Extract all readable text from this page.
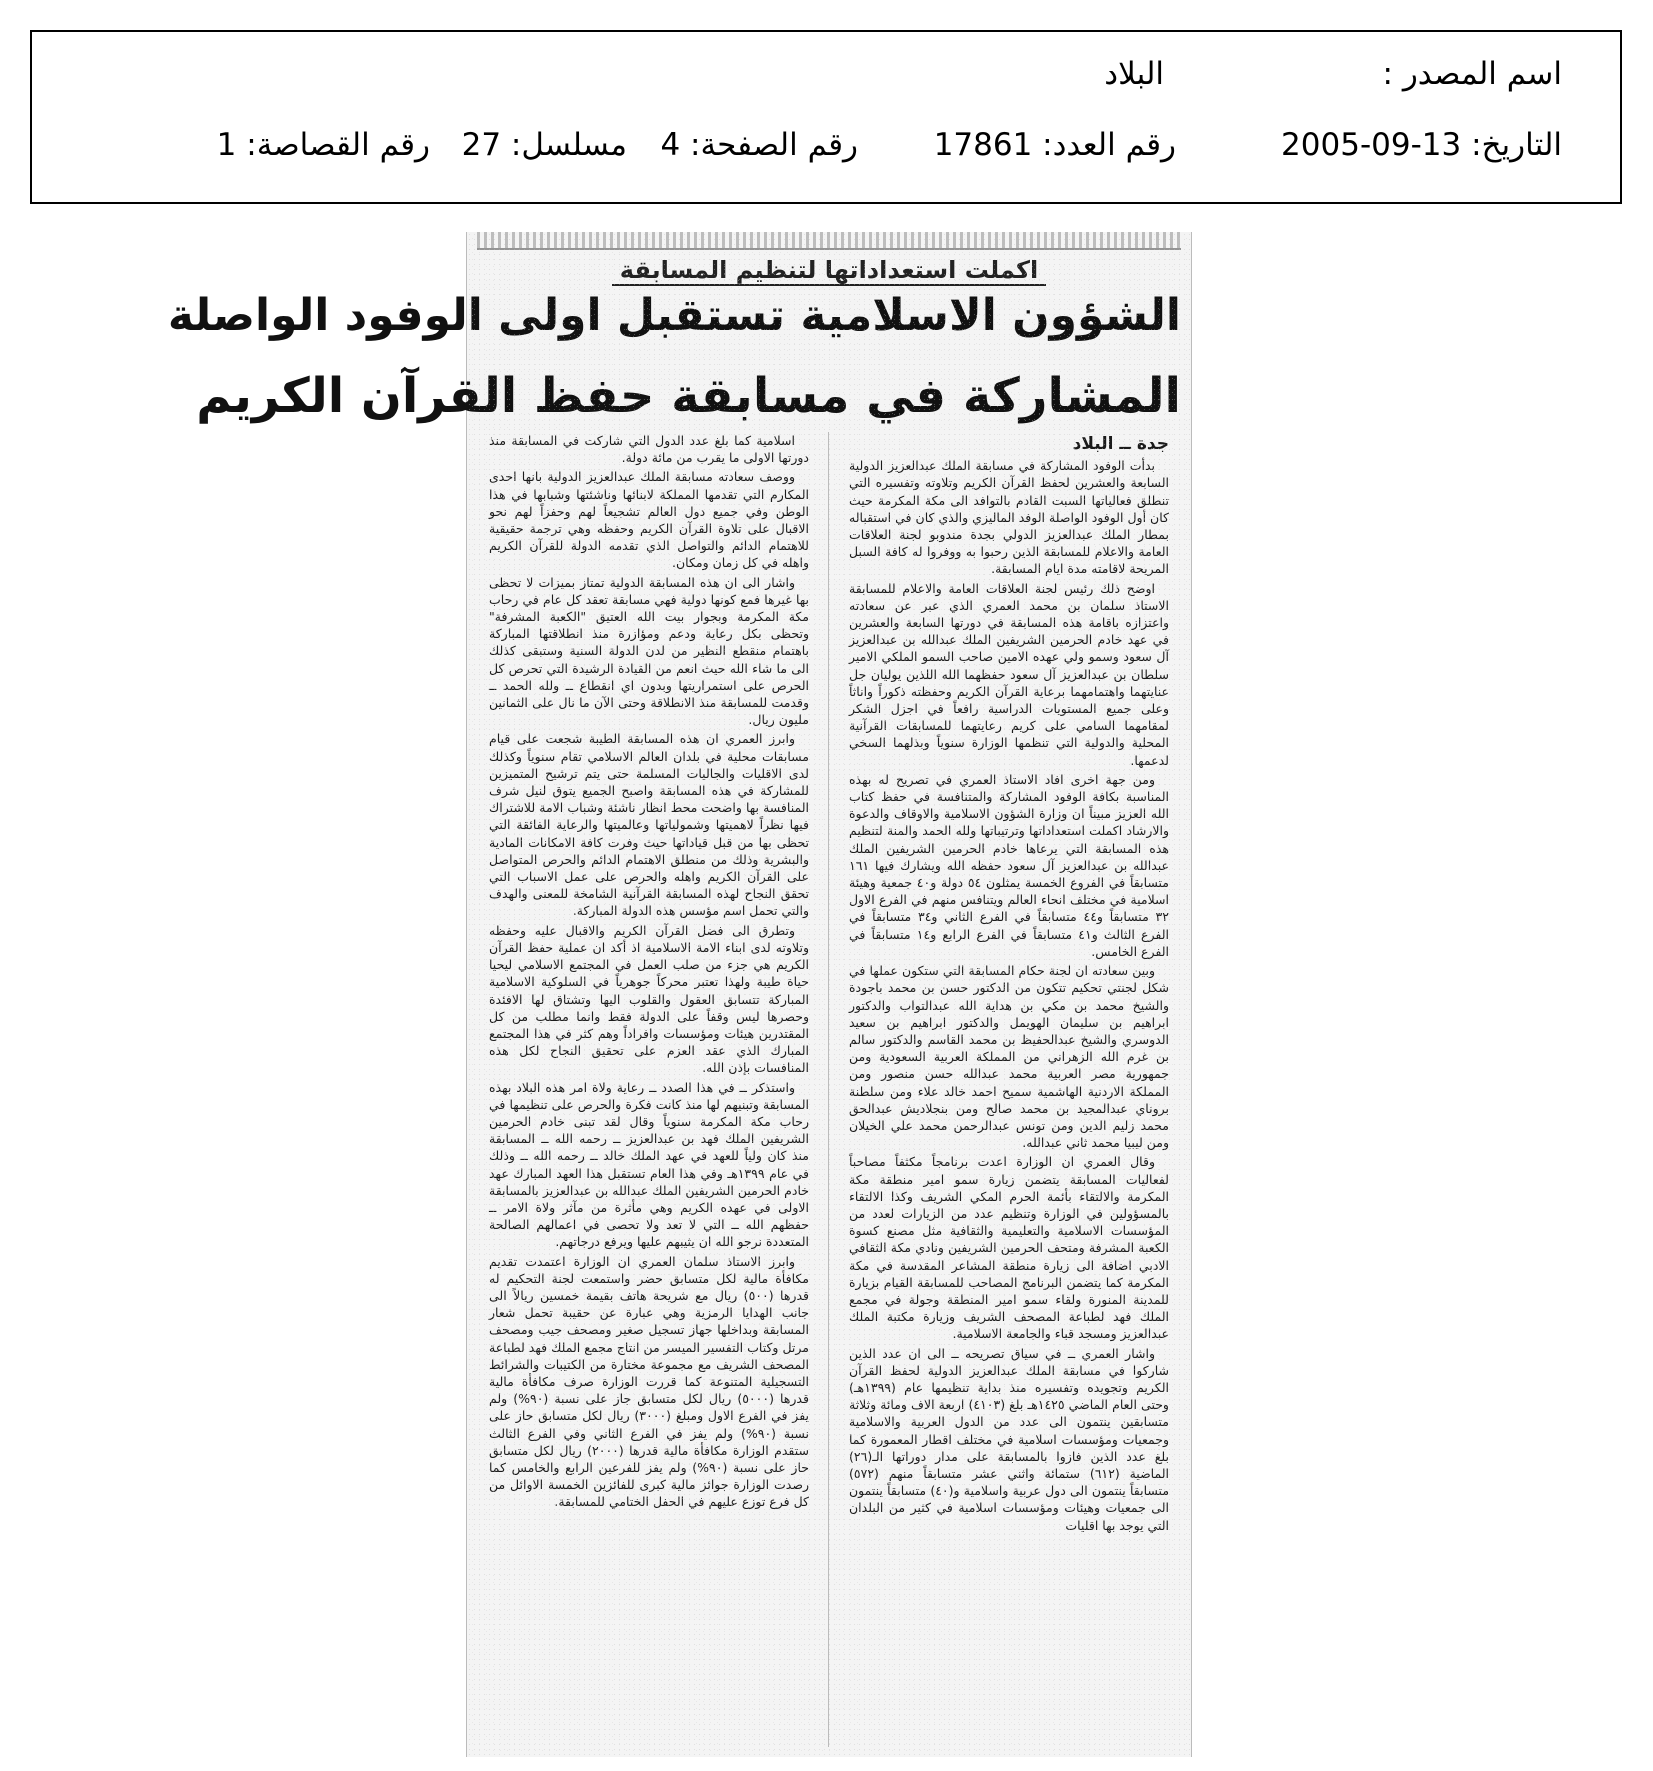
اسم المصدر :
البلاد
التاريخ: 13-09-2005
رقم العدد: 17861
رقم الصفحة: 4
مسلسل: 27
رقم القصاصة: 1
اكملت استعداداتها لتنظيم المسابقة
الشؤون الاسلامية تستقبل اولى الوفود الواصلة
المشاركة في مسابقة حفظ القرآن الكريم
جدة ــ البلاد

بدأت الوفود المشاركة في مسابقة الملك عبدالعزيز الدولية السابعة والعشرين لحفظ القرآن الكريم وتلاوته وتفسيره التي تنطلق فعالياتها السبت القادم بالتوافد الى مكة المكرمة حيث كان أول الوفود الواصلة الوفد الماليزي والذي كان في استقباله بمطار الملك عبدالعزيز الدولي بجدة مندوبو لجنة العلاقات العامة والاعلام للمسابقة الذين رحبوا به ووفروا له كافة السبل المريحة لاقامته مدة ايام المسابقة.

اوضح ذلك رئيس لجنة العلاقات العامة والاعلام للمسابقة الاستاذ سلمان بن محمد العمري الذي عبر عن سعادته واعتزازه باقامة هذه المسابقة في دورتها السابعة والعشرين في عهد خادم الحرمين الشريفين الملك عبدالله بن عبدالعزيز آل سعود وسمو ولي عهده الامين صاحب السمو الملكي الامير سلطان بن عبدالعزيز آل سعود حفظهما الله اللذين يوليان جل عنايتهما واهتمامهما برعاية القرآن الكريم وحفظته ذكوراً واناثاً وعلى جميع المستويات الدراسية رافعاً في اجزل الشكر لمقامهما السامي على كريم رعايتهما للمسابقات القرآنية المحلية والدولية التي تنظمها الوزارة سنوياً وبذلهما السخي لدعمها.

ومن جهة اخرى افاد الاستاذ العمري في تصريح له بهذه المناسبة بكافة الوفود المشاركة والمتنافسة في حفظ كتاب الله العزيز مبيناً ان وزارة الشؤون الاسلامية والاوقاف والدعوة والارشاد اكملت استعداداتها وترتيباتها ولله الحمد والمنة لتنظيم هذه المسابقة التي يرعاها خادم الحرمين الشريفين الملك عبدالله بن عبدالعزيز آل سعود حفظه الله ويشارك فيها ١٦١ متسابقاً في الفروع الخمسة يمثلون ٥٤ دولة و٤٠ جمعية وهيئة اسلامية في مختلف انحاء العالم ويتنافس منهم في الفرع الاول ٣٢ متسابقاً و٤٤ متسابقاً في الفرع الثاني و٣٤ متسابقاً في الفرع الثالث و٤١ متسابقاً في الفرع الرابع و١٤ متسابقاً في الفرع الخامس.

وبين سعادته ان لجنة حكام المسابقة التي ستكون عملها في شكل لجنتي تحكيم تتكون من الدكتور حسن بن محمد باجودة والشيخ محمد بن مكي بن هداية الله عبدالتواب والدكتور ابراهيم بن سليمان الهويمل والدكتور ابراهيم بن سعيد الدوسري والشيخ عبدالحفيظ بن محمد القاسم والدكتور سالم بن غرم الله الزهراني من المملكة العربية السعودية ومن جمهورية مصر العربية محمد عبدالله حسن منصور ومن المملكة الاردنية الهاشمية سميح احمد خالد علاء ومن سلطنة بروناي عبدالمجيد بن محمد صالح ومن بنجلاديش عبدالحق محمد زليم الدين ومن تونس عبدالرحمن محمد علي الخيلان ومن ليبيا محمد ثاني عبدالله.

وقال العمري ان الوزارة اعدت برنامجاً مكثفاً مصاحباً لفعاليات المسابقة يتضمن زيارة سمو امير منطقة مكة المكرمة والالتقاء بأئمة الحرم المكي الشريف وكذا الالتقاء بالمسؤولين في الوزارة وتنظيم عدد من الزيارات لعدد من المؤسسات الاسلامية والتعليمية والثقافية مثل مصنع كسوة الكعبة المشرفة ومتحف الحرمين الشريفين ونادي مكة الثقافي الادبي اضافة الى زيارة منطقة المشاعر المقدسة في مكة المكرمة كما يتضمن البرنامج المصاحب للمسابقة القيام بزيارة للمدينة المنورة ولقاء سمو امير المنطقة وجولة في مجمع الملك فهد لطباعة المصحف الشريف وزيارة مكتبة الملك عبدالعزيز ومسجد قباء والجامعة الاسلامية.

واشار العمري ــ في سياق تصريحه ــ الى ان عدد الذين شاركوا في مسابقة الملك عبدالعزيز الدولية لحفظ القرآن الكريم وتجويده وتفسيره منذ بداية تنظيمها عام (١٣٩٩هـ) وحتى العام الماضي ١٤٢٥هـ بلغ (٤١٠٣) اربعة الاف ومائة وثلاثة متسابقين ينتمون الى عدد من الدول العربية والاسلامية وجمعيات ومؤسسات اسلامية في مختلف اقطار المعمورة كما بلغ عدد الذين فازوا بالمسابقة على مدار دوراتها الـ(٢٦) الماضية (٦١٢) ستمائة واثني عشر متسابقاً منهم (٥٧٢) متسابقاً ينتمون الى دول عربية واسلامية و(٤٠) متسابقاً ينتمون الى جمعيات وهيئات ومؤسسات اسلامية في كثير من البلدان التي يوجد بها اقليات

اسلامية كما بلغ عدد الدول التي شاركت في المسابقة منذ دورتها الاولى ما يقرب من مائة دولة.

ووصف سعادته مسابقة الملك عبدالعزيز الدولية بانها احدى المكارم التي تقدمها المملكة لابنائها وناشئتها وشبابها في هذا الوطن وفي جميع دول العالم تشجيعاً لهم وحفزاً لهم نحو الاقبال على تلاوة القرآن الكريم وحفظه وهي ترجمة حقيقية للاهتمام الدائم والتواصل الذي تقدمه الدولة للقرآن الكريم واهله في كل زمان ومكان.

واشار الى ان هذه المسابقة الدولية تمتاز بميزات لا تحظى بها غيرها فمع كونها دولية فهي مسابقة تعقد كل عام في رحاب مكة المكرمة وبجوار بيت الله العتيق "الكعبة المشرفة" وتحظى بكل رعاية ودعم ومؤازرة منذ انطلاقتها المباركة باهتمام منقطع النظير من لدن الدولة السنية وستبقى كذلك الى ما شاء الله حيث انعم من القيادة الرشيدة التي تحرص كل الحرص على استمراريتها وبدون اي انقطاع ــ ولله الحمد ــ وقدمت للمسابقة منذ الانطلاقة وحتى الآن ما نال على الثمانين مليون ريال.

وابرز العمري ان هذه المسابقة الطيبة شجعت على قيام مسابقات محلية في بلدان العالم الاسلامي تقام سنوياً وكذلك لدى الاقليات والجاليات المسلمة حتى يتم ترشيح المتميزين للمشاركة في هذه المسابقة واصبح الجميع يتوق لنيل شرف المنافسة بها واضحت محط انظار ناشئة وشباب الامة للاشتراك فيها نظراً لاهميتها وشمولياتها وعالميتها والرعاية الفائقة التي تحظى بها من قبل قياداتها حيث وفرت كافة الامكانات المادية والبشرية وذلك من منطلق الاهتمام الدائم والحرص المتواصل على القرآن الكريم واهله والحرص على عمل الاسباب التي تحقق النجاح لهذه المسابقة القرآنية الشامخة للمعنى والهدف والتي تحمل اسم مؤسس هذه الدولة المباركة.

وتطرق الى فضل القرآن الكريم والاقبال عليه وحفظه وتلاوته لدى ابناء الامة الاسلامية اذ أكد ان عملية حفظ القرآن الكريم هي جزء من صلب العمل في المجتمع الاسلامي ليحيا حياة طيبة ولهذا تعتبر محركاً جوهرياً في السلوكية الاسلامية المباركة تتسابق العقول والقلوب اليها وتشتاق لها الافئدة وحصرها ليس وقفاً على الدولة فقط وانما مطلب من كل المقتدرين هيئات ومؤسسات وافراداً وهم كثر في هذا المجتمع المبارك الذي عقد العزم على تحقيق النجاح لكل هذه المنافسات بإذن الله.

واستذكر ــ في هذا الصدد ــ رعاية ولاة امر هذه البلاد بهذه المسابقة وتبنيهم لها منذ كانت فكرة والحرص على تنظيمها في رحاب مكة المكرمة سنوياً وقال لقد تبنى خادم الحرمين الشريفين الملك فهد بن عبدالعزيز ــ رحمه الله ــ المسابقة منذ كان ولياً للعهد في عهد الملك خالد ــ رحمه الله ــ وذلك في عام ١٣٩٩هـ وفي هذا العام تستقبل هذا العهد المبارك عهد خادم الحرمين الشريفين الملك عبدالله بن عبدالعزيز بالمسابقة الاولى في عهده الكريم وهي مأثرة من مآثر ولاة الامر ــ حفظهم الله ــ التي لا تعد ولا تحصى في اعمالهم الصالحة المتعددة نرجو الله ان يثيبهم عليها ويرفع درجاتهم.

وابرز الاستاذ سلمان العمري ان الوزارة اعتمدت تقديم مكافأة مالية لكل متسابق حضر واستمعت لجنة التحكيم له قدرها (٥٠٠) ريال مع شريحة هاتف بقيمة خمسين ريالاً الى جانب الهدايا الرمزية وهي عبارة عن حقيبة تحمل شعار المسابقة وبداخلها جهاز تسجيل صغير ومصحف جيب ومصحف مرتل وكتاب التفسير الميسر من انتاج مجمع الملك فهد لطباعة المصحف الشريف مع مجموعة مختارة من الكتيبات والشرائط التسجيلية المتنوعة كما قررت الوزارة صرف مكافأة مالية قدرها (٥٠٠٠) ريال لكل متسابق جاز على نسبة (٩٠%) ولم يفز في الفرع الاول ومبلغ (٣٠٠٠) ريال لكل متسابق حاز على نسبة (٩٠%) ولم يفز في الفرع الثاني وفي الفرع الثالث ستقدم الوزارة مكافأة مالية قدرها (٢٠٠٠) ريال لكل متسابق حاز على نسبة (٩٠%) ولم يفز للفرعين الرابع والخامس كما رصدت الوزارة جوائز مالية كبرى للفائزين الخمسة الاوائل من كل فرع توزع عليهم في الحفل الختامي للمسابقة.
